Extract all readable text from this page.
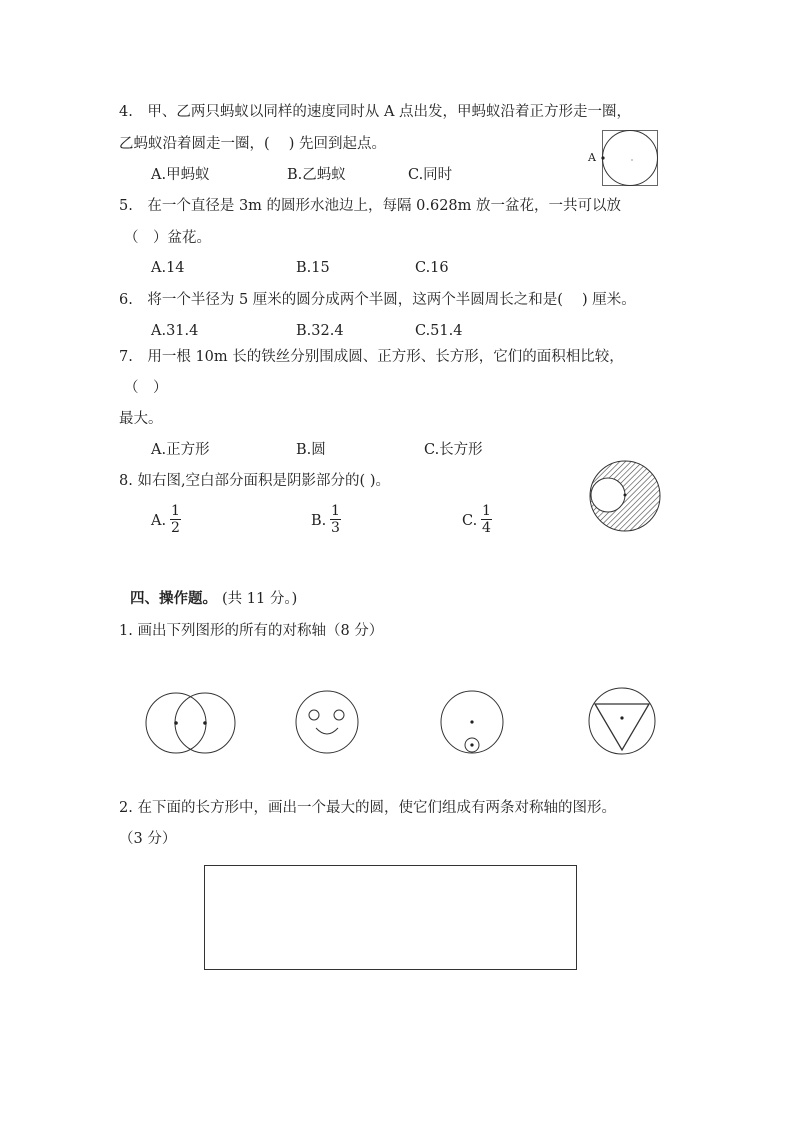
4.　甲、乙两只蚂蚁以同样的速度同时从 A 点出发，甲蚂蚁沿着正方形走一圈，
乙蚂蚁沿着圆走一圈，(　 ) 先回到起点。
A.甲蚂蚁	B.乙蚂蚁	C.同时
A
5.　在一个直径是 3m 的圆形水池边上，每隔 0.628m 放一盆花，一共可以放
（　）盆花。
A.14	B.15	C.16
6.　将一个半径为 5 厘米的圆分成两个半圆，这两个半圆周长之和是(　 ) 厘米。
A.31.4	B.32.4	C.51.4
7.　用一根 10m 长的铁丝分别围成圆、正方形、长方形，它们的面积相比较，
（　）
最大。
A.正方形	B.圆	C.长方形
8. 如右图,空白部分面积是阴影部分的( )。
A. $\frac{1}{2}$	B. $\frac{1}{3}$	C. $\frac{1}{4}$
四、操作题。 (共 11 分。)
1. 画出下列图形的所有的对称轴（8 分）
2. 在下面的长方形中，画出一个最大的圆，使它们组成有两条对称轴的图形。
（3 分）
